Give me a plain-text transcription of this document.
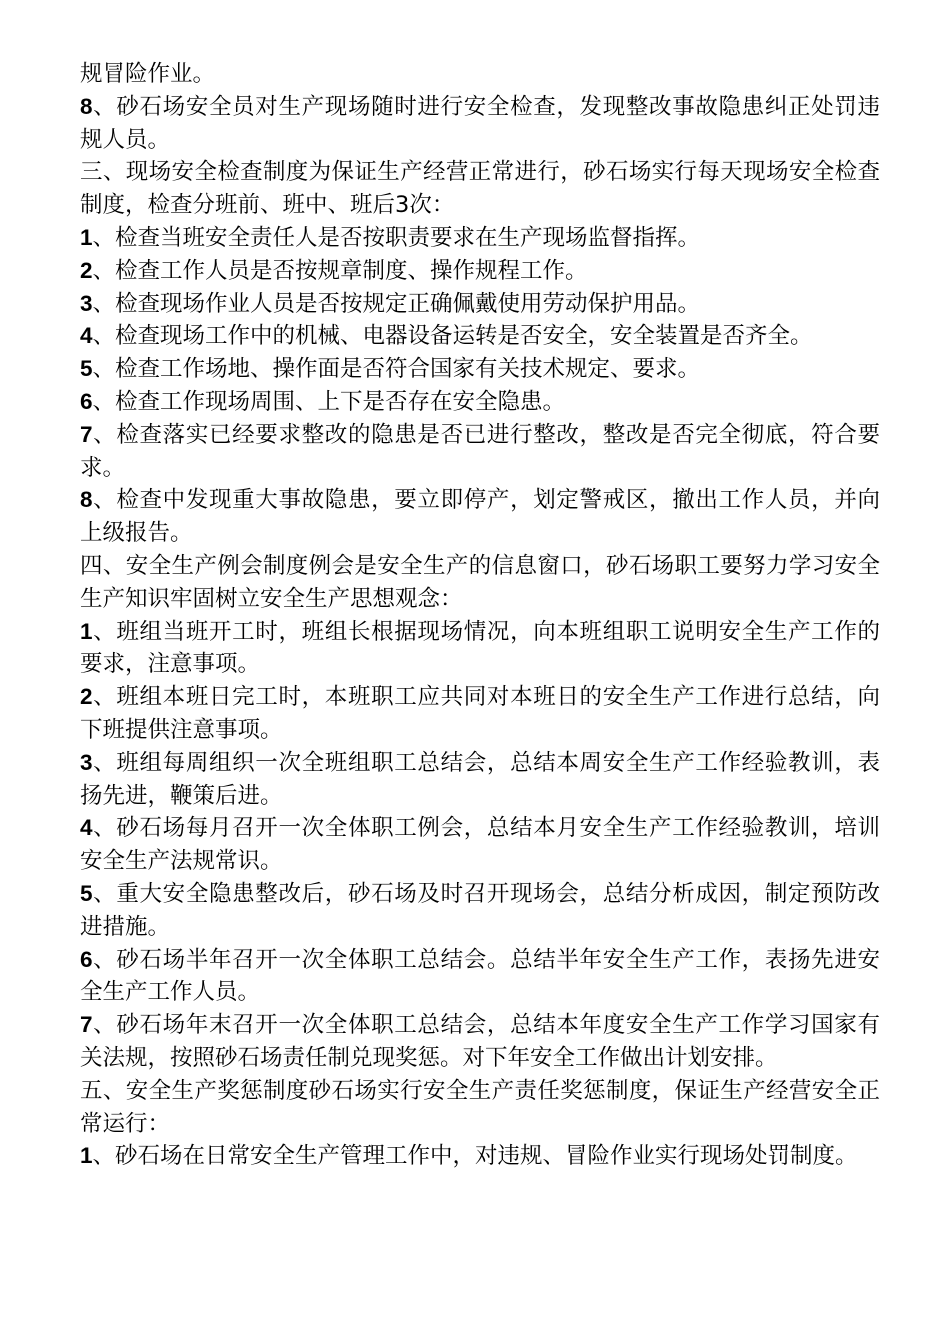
规冒险作业。

8、砂石场安全员对生产现场随时进行安全检查，发现整改事故隐患纠正处罚违规人员。

三、现场安全检查制度为保证生产经营正常进行，砂石场实行每天现场安全检查制度，检查分班前、班中、班后3次：

1、检查当班安全责任人是否按职责要求在生产现场监督指挥。

2、检查工作人员是否按规章制度、操作规程工作。

3、检查现场作业人员是否按规定正确佩戴使用劳动保护用品。

4、检查现场工作中的机械、电器设备运转是否安全，安全装置是否齐全。

5、检查工作场地、操作面是否符合国家有关技术规定、要求。

6、检查工作现场周围、上下是否存在安全隐患。

7、检查落实已经要求整改的隐患是否已进行整改，整改是否完全彻底，符合要求。

8、检查中发现重大事故隐患，要立即停产，划定警戒区，撤出工作人员，并向上级报告。

四、安全生产例会制度例会是安全生产的信息窗口，砂石场职工要努力学习安全生产知识牢固树立安全生产思想观念：

1、班组当班开工时，班组长根据现场情况，向本班组职工说明安全生产工作的要求，注意事项。

2、班组本班日完工时，本班职工应共同对本班日的安全生产工作进行总结，向下班提供注意事项。

3、班组每周组织一次全班组职工总结会，总结本周安全生产工作经验教训，表扬先进，鞭策后进。

4、砂石场每月召开一次全体职工例会，总结本月安全生产工作经验教训，培训安全生产法规常识。

5、重大安全隐患整改后，砂石场及时召开现场会，总结分析成因，制定预防改进措施。

6、砂石场半年召开一次全体职工总结会。总结半年安全生产工作，表扬先进安全生产工作人员。

7、砂石场年末召开一次全体职工总结会，总结本年度安全生产工作学习国家有关法规，按照砂石场责任制兑现奖惩。对下年安全工作做出计划安排。

五、安全生产奖惩制度砂石场实行安全生产责任奖惩制度，保证生产经营安全正常运行：

1、砂石场在日常安全生产管理工作中，对违规、冒险作业实行现场处罚制度。
